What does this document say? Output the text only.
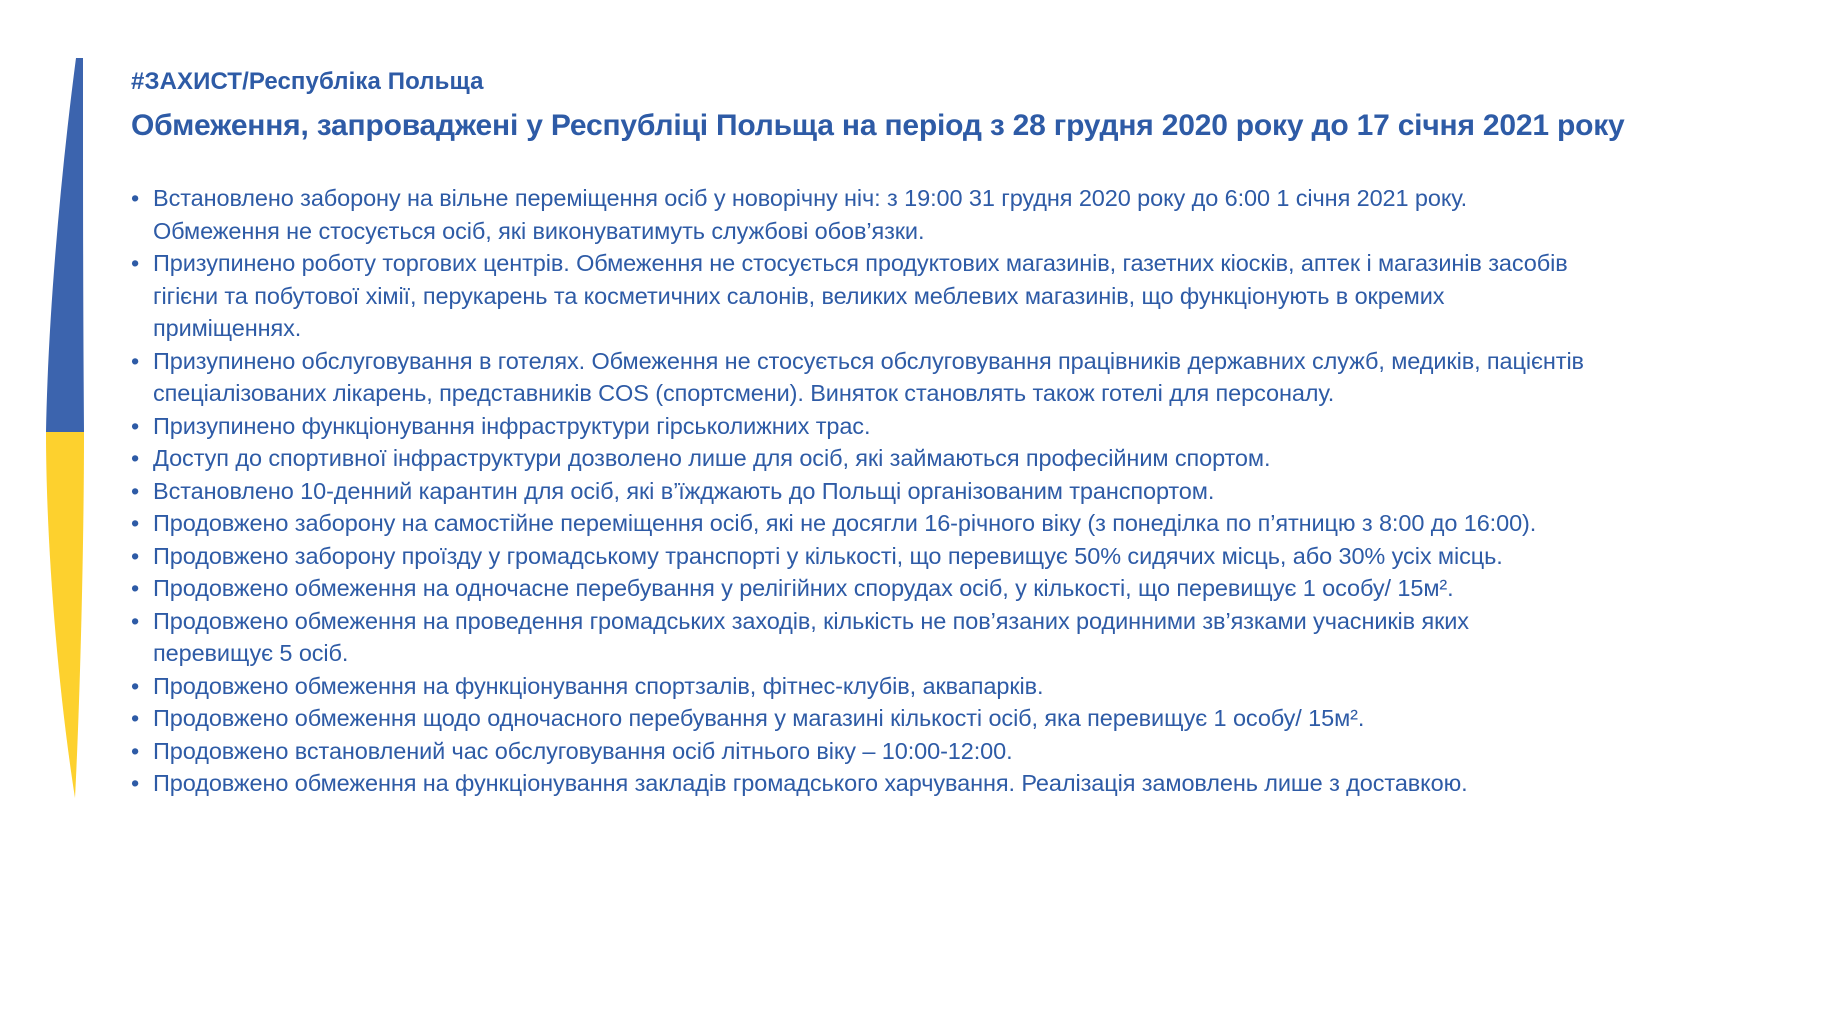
#ЗАХИСТ/Республіка Польща
Обмеження, запроваджені у Республіці Польща на період з 28 грудня 2020 року до 17 січня 2021 року
• Встановлено заборону на вільне переміщення осіб у новорічну ніч: з 19:00 31 грудня 2020 року до 6:00 1 січня 2021 року. Обмеження не стосується осіб, які виконуватимуть службові обов’язки.
• Призупинено роботу торгових центрів. Обмеження не стосується продуктових магазинів, газетних кіосків, аптек і магазинів засобів гігієни та побутової хімії, перукарень та косметичних салонів, великих меблевих магазинів, що функціонують в окремих приміщеннях.
• Призупинено обслуговування в готелях. Обмеження не стосується обслуговування працівників державних служб, медиків, пацієнтів спеціалізованих лікарень, представників COS (спортсмени). Виняток становлять також готелі для персоналу.
• Призупинено функціонування інфраструктури гірськолижних трас.
• Доступ до спортивної інфраструктури дозволено лише для осіб, які займаються професійним спортом.
• Встановлено 10-денний карантин для осіб, які в’їжджають до Польщі організованим транспортом.
• Продовжено заборону на самостійне переміщення осіб, які не досягли 16-річного віку (з понеділка по п’ятницю з 8:00 до 16:00).
• Продовжено заборону проїзду у громадському транспорті у кількості, що перевищує 50% сидячих місць, або 30% усіх місць.
• Продовжено обмеження на одночасне перебування у релігійних спорудах осіб, у кількості, що перевищує 1 особу/ 15м².
• Продовжено обмеження на проведення громадських заходів, кількість не пов’язаних родинними зв’язками учасників яких перевищує 5 осіб.
• Продовжено обмеження на функціонування спортзалів, фітнес-клубів, аквапарків.
• Продовжено обмеження щодо одночасного перебування у магазині кількості осіб, яка перевищує 1 особу/ 15м².
• Продовжено встановлений час обслуговування осіб літнього віку – 10:00-12:00.
• Продовжено обмеження на функціонування закладів громадського харчування. Реалізація замовлень лише з доставкою.
